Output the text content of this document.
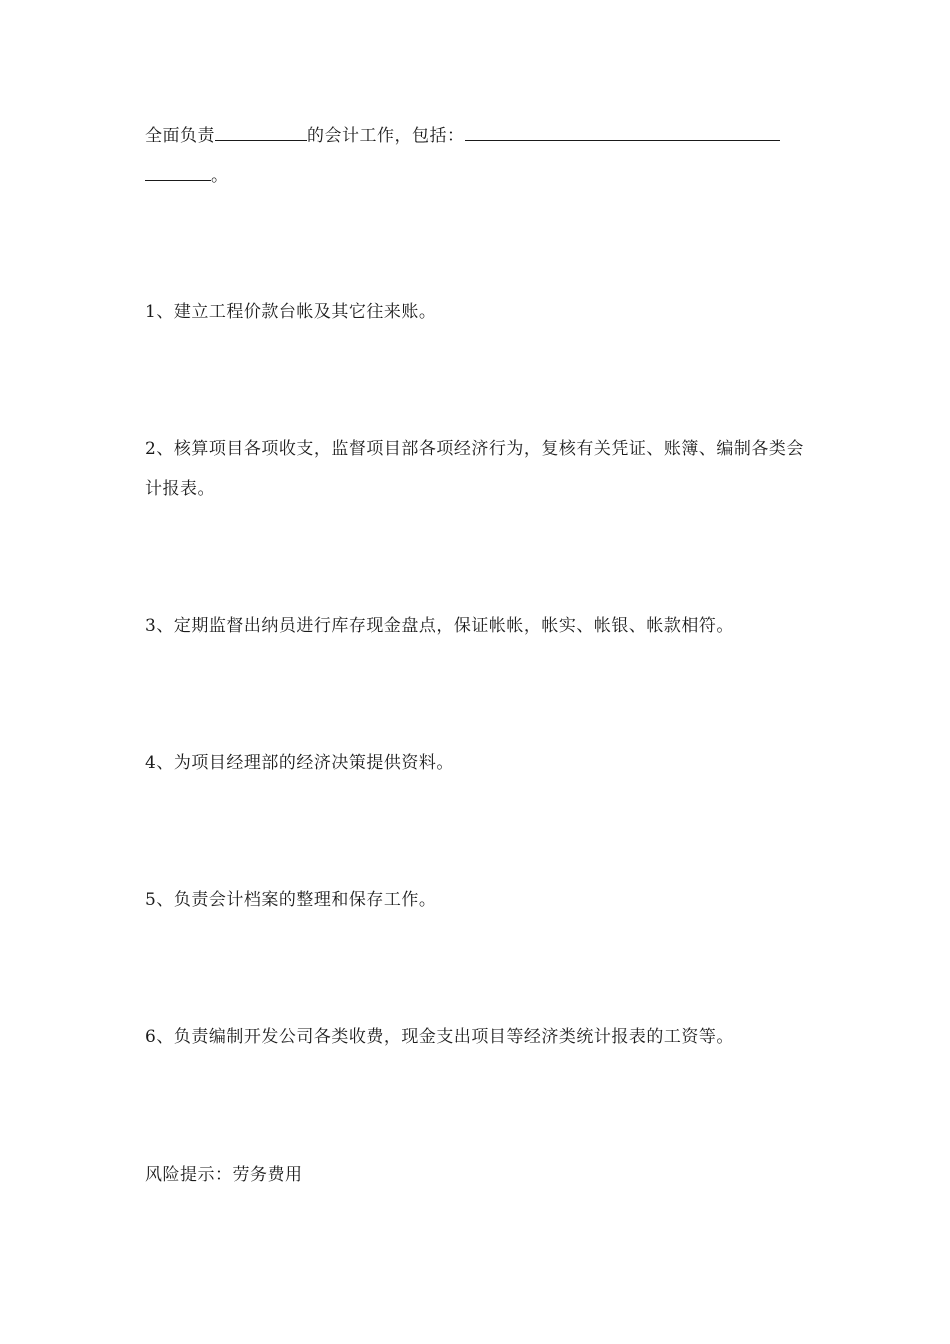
全面负责	的会计工作，包括：
。

1、建立工程价款台帐及其它往来账。

2、核算项目各项收支，监督项目部各项经济行为，复核有关凭证、账簿、编制各类会计报表。

3、定期监督出纳员进行库存现金盘点，保证帐帐，帐实、帐银、帐款相符。

4、为项目经理部的经济决策提供资料。

5、负责会计档案的整理和保存工作。

6、负责编制开发公司各类收费，现金支出项目等经济类统计报表的工资等。

风险提示：劳务费用
